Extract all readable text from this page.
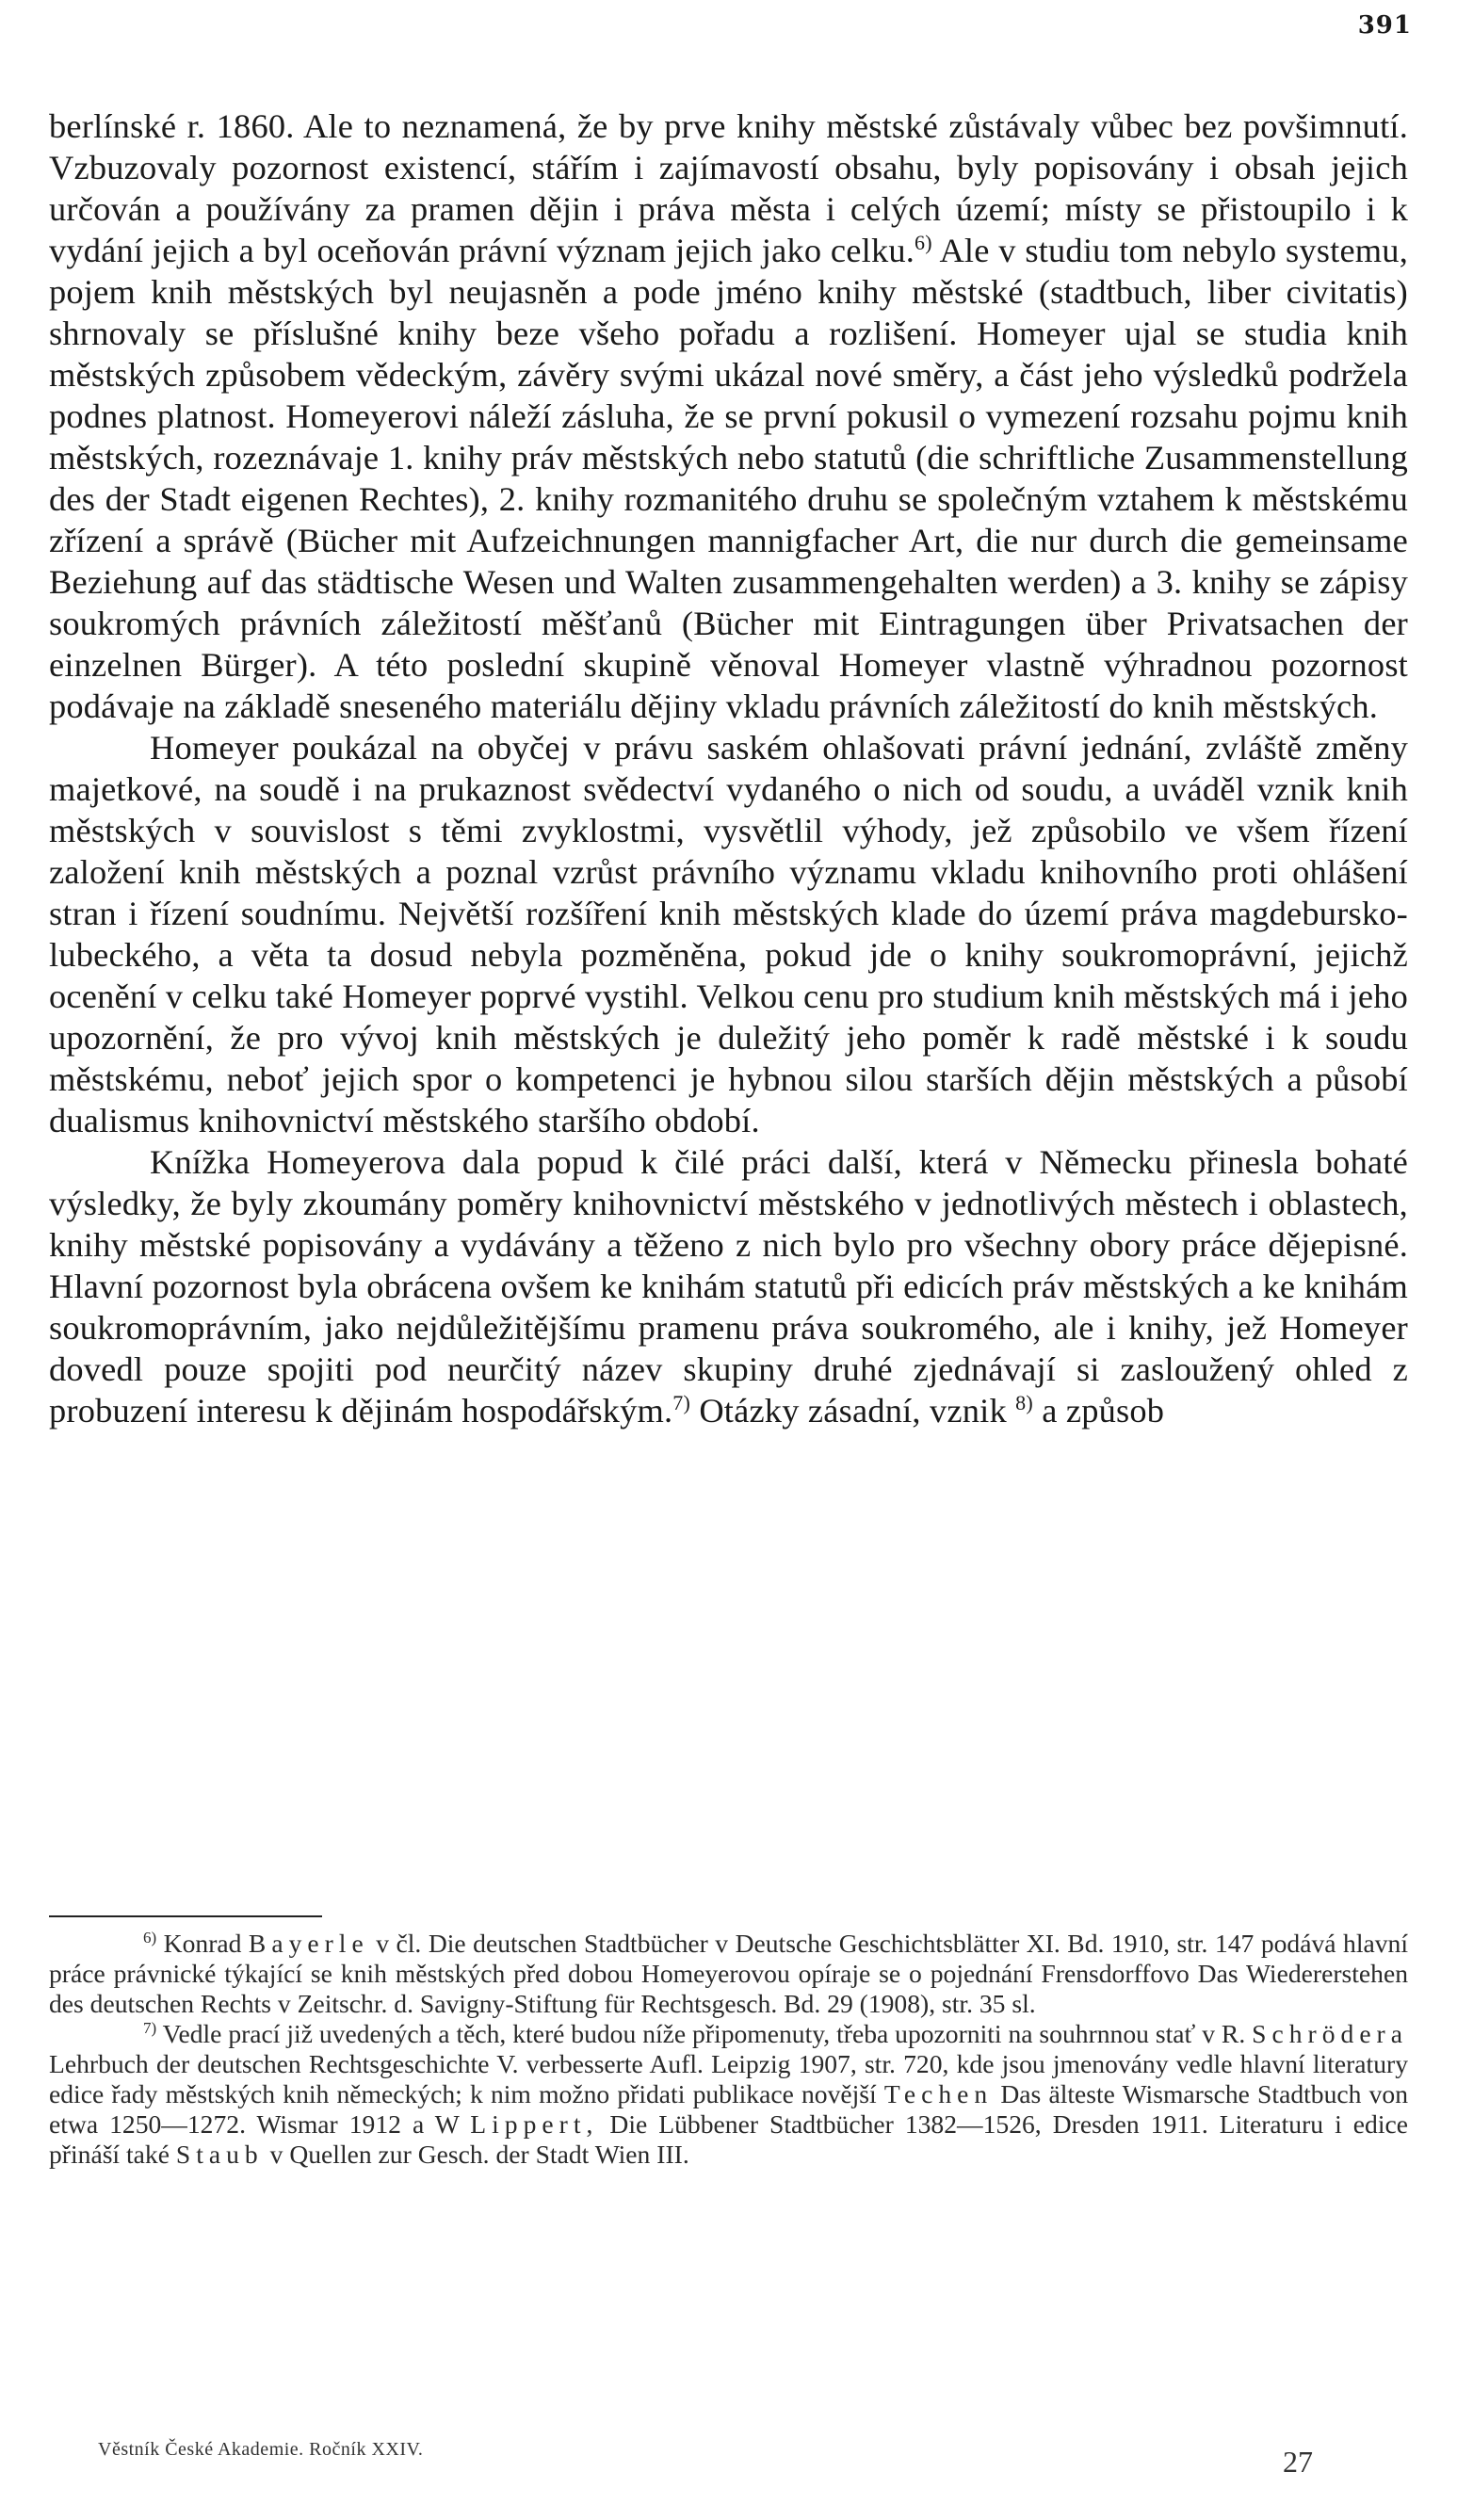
391

berlínské r. 1860. Ale to neznamená, že by prve knihy městské zůstávaly vůbec bez povšimnutí. Vzbuzovaly pozornost existencí, stářím i zajímavostí obsahu, byly popisovány i obsah jejich určován a používány za pramen dějin i práva města i celých území; místy se přistoupilo i k vydání jejich a byl oceňován právní význam jejich jako celku.$^{6)}$ Ale v studiu tom nebylo systemu, pojem knih městských byl neujasněn a pode jméno knihy městské (stadtbuch, liber civitatis) shrnovaly se příslušné knihy beze všeho pořadu a rozlišení. Homeyer ujal se studia knih městských způsobem vědeckým, závěry svými ukázal nové směry, a část jeho výsledků podržela podnes platnost. Homeyerovi náleží zásluha, že se první pokusil o vymezení rozsahu pojmu knih městských, rozeznávaje 1. knihy práv městských nebo statutů (die schriftliche Zusammenstellung des der Stadt eigenen Rechtes), 2. knihy rozmanitého druhu se společným vztahem k městskému zřízení a správě (Bücher mit Aufzeichnungen mannigfacher Art, die nur durch die gemeinsame Beziehung auf das städtische Wesen und Walten zusammengehalten werden) a 3. knihy se zápisy soukromých právních záležitostí měšťanů (Bücher mit Eintragungen über Privatsachen der einzelnen Bürger). A této poslední skupině věnoval Homeyer vlastně výhradnou pozornost podávaje na základě sneseného materiálu dějiny vkladu právních záležitostí do knih městských.

Homeyer poukázal na obyčej v právu saském ohlašovati právní jednání, zvláště změny majetkové, na soudě i na prukaznost svědectví vydaného o nich od soudu, a uváděl vznik knih městských v souvislost s těmi zvyklostmi, vysvětlil výhody, jež způsobilo ve všem řízení založení knih městských a poznal vzrůst právního významu vkladu knihovního proti ohlášení stran i řízení soudnímu. Největší rozšíření knih městských klade do území práva magdebursko-lubeckého, a věta ta dosud nebyla pozměněna, pokud jde o knihy soukromoprávní, jejichž ocenění v celku také Homeyer poprvé vystihl. Velkou cenu pro studium knih městských má i jeho upozornění, že pro vývoj knih městských je duležitý jeho poměr k radě městské i k soudu městskému, neboť jejich spor o kompetenci je hybnou silou starších dějin městských a působí dualismus knihovnictví městského staršího období.

Knížka Homeyerova dala popud k čilé práci další, která v Německu přinesla bohaté výsledky, že byly zkoumány poměry knihovnictví městského v jednotlivých městech i oblastech, knihy městské popisovány a vydávány a těženo z nich bylo pro všechny obory práce dějepisné. Hlavní pozornost byla obrácena ovšem ke knihám statutů při edicích práv městských a ke knihám soukromoprávním, jako nejdůležitějšímu pramenu práva soukromého, ale i knihy, jež Homeyer dovedl pouze spojiti pod neurčitý název skupiny druhé zjednávají si zasloužený ohled z probuzení interesu k dějinám hospodářským.$^{7)}$ Otázky zásadní, vznik $^{8)}$ a způsob

$^{6)}$ Konrad Bayerle v čl. Die deutschen Stadtbücher v Deutsche Geschichtsblätter XI. Bd. 1910, str. 147 podává hlavní práce právnické týkající se knih městských před dobou Homeyerovou opíraje se o pojednání Frensdorffovo Das Wiedererstehen des deutschen Rechts v Zeitschr. d. Savigny-Stiftung für Rechtsgesch. Bd. 29 (1908), str. 35 sl.

$^{7)}$ Vedle prací již uvedených a těch, které budou níže připomenuty, třeba upozorniti na souhrnnou stať v R. Schrödera Lehrbuch der deutschen Rechtsgeschichte V. verbesserte Aufl. Leipzig 1907, str. 720, kde jsou jmenovány vedle hlavní literatury edice řady městských knih německých; k nim možno přidati publikace novější Techen Das älteste Wismarsche Stadtbuch von etwa 1250—1272. Wismar 1912 a W Lippert, Die Lübbener Stadtbücher 1382—1526, Dresden 1911. Literaturu i edice přináší také Staub v Quellen zur Gesch. der Stadt Wien III.

Věstník České Akademie. Ročník XXIV.	27
